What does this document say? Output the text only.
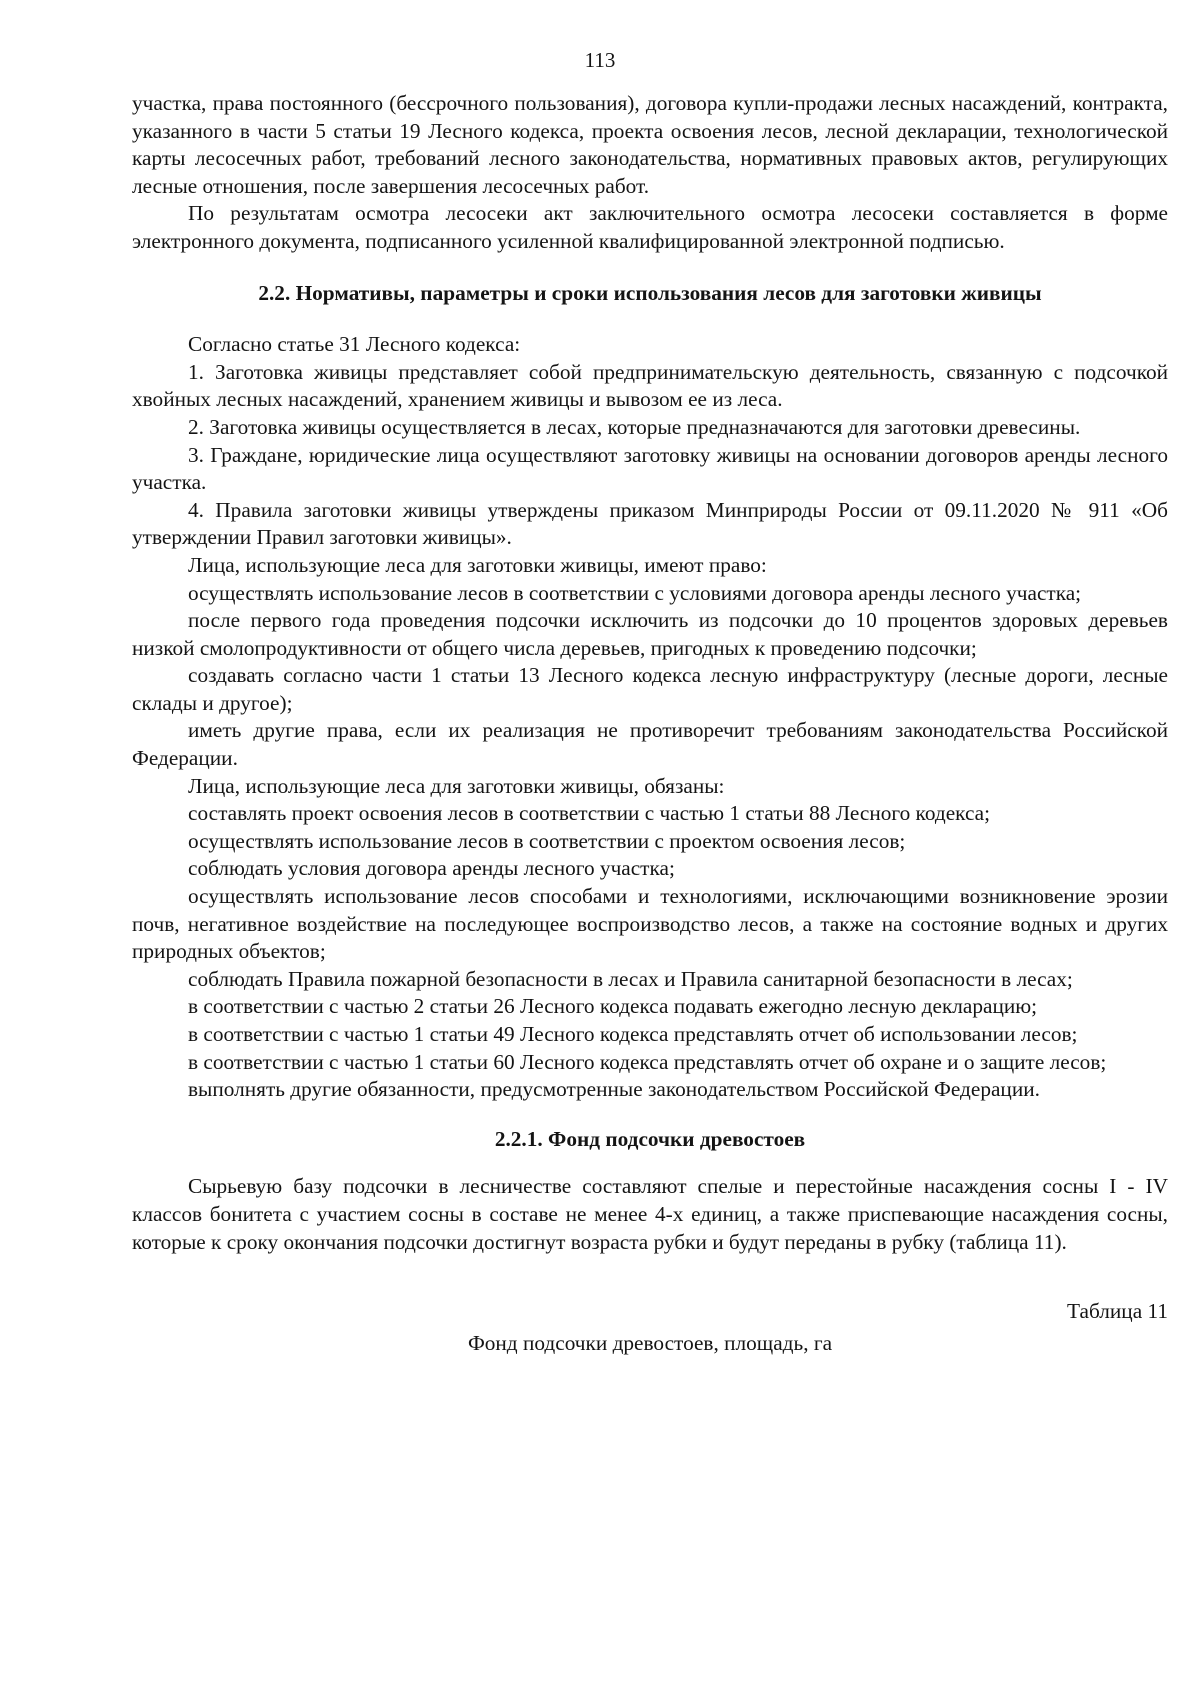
113

участка, права постоянного (бессрочного пользования), договора купли-продажи лесных насаждений, контракта, указанного в части 5 статьи 19 Лесного кодекса, проекта освоения лесов, лесной декларации, технологической карты лесосечных работ, требований лесного законодательства, нормативных правовых актов, регулирующих лесные отношения, после завершения лесосечных работ.

По результатам осмотра лесосеки акт заключительного осмотра лесосеки составляется в форме электронного документа, подписанного усиленной квалифицированной электронной подписью.

2.2. Нормативы, параметры и сроки использования лесов для заготовки живицы

Согласно статье 31 Лесного кодекса:

1. Заготовка живицы представляет собой предпринимательскую деятельность, связанную с подсочкой хвойных лесных насаждений, хранением живицы и вывозом ее из леса.

2. Заготовка живицы осуществляется в лесах, которые предназначаются для заготовки древесины.

3. Граждане, юридические лица осуществляют заготовку живицы на основании договоров аренды лесного участка.

4. Правила заготовки живицы утверждены приказом Минприроды России от 09.11.2020 № 911 «Об утверждении Правил заготовки живицы».

Лица, использующие леса для заготовки живицы, имеют право:

осуществлять использование лесов в соответствии с условиями договора аренды лесного участка;

после первого года проведения подсочки исключить из подсочки до 10 процентов здоровых деревьев низкой смолопродуктивности от общего числа деревьев, пригодных к проведению подсочки;

создавать согласно части 1 статьи 13 Лесного кодекса лесную инфраструктуру (лесные дороги, лесные склады и другое);

иметь другие права, если их реализация не противоречит требованиям законодательства Российской Федерации.

Лица, использующие леса для заготовки живицы, обязаны:

составлять проект освоения лесов в соответствии с частью 1 статьи 88 Лесного кодекса;

осуществлять использование лесов в соответствии с проектом освоения лесов;

соблюдать условия договора аренды лесного участка;

осуществлять использование лесов способами и технологиями, исключающими возникновение эрозии почв, негативное воздействие на последующее воспроизводство лесов, а также на состояние водных и других природных объектов;

соблюдать Правила пожарной безопасности в лесах и Правила санитарной безопасности в лесах;

в соответствии с частью 2 статьи 26 Лесного кодекса подавать ежегодно лесную декларацию;

в соответствии с частью 1 статьи 49 Лесного кодекса представлять отчет об использовании лесов;

в соответствии с частью 1 статьи 60 Лесного кодекса представлять отчет об охране и о защите лесов;

выполнять другие обязанности, предусмотренные законодательством Российской Федерации.

2.2.1. Фонд подсочки древостоев

Сырьевую базу подсочки в лесничестве составляют спелые и перестойные насаждения сосны I - IV классов бонитета с участием сосны в составе не менее 4-х единиц, а также приспевающие насаждения сосны, которые к сроку окончания подсочки достигнут возраста рубки и будут переданы в рубку (таблица 11).

Таблица 11

Фонд подсочки древостоев, площадь, га
